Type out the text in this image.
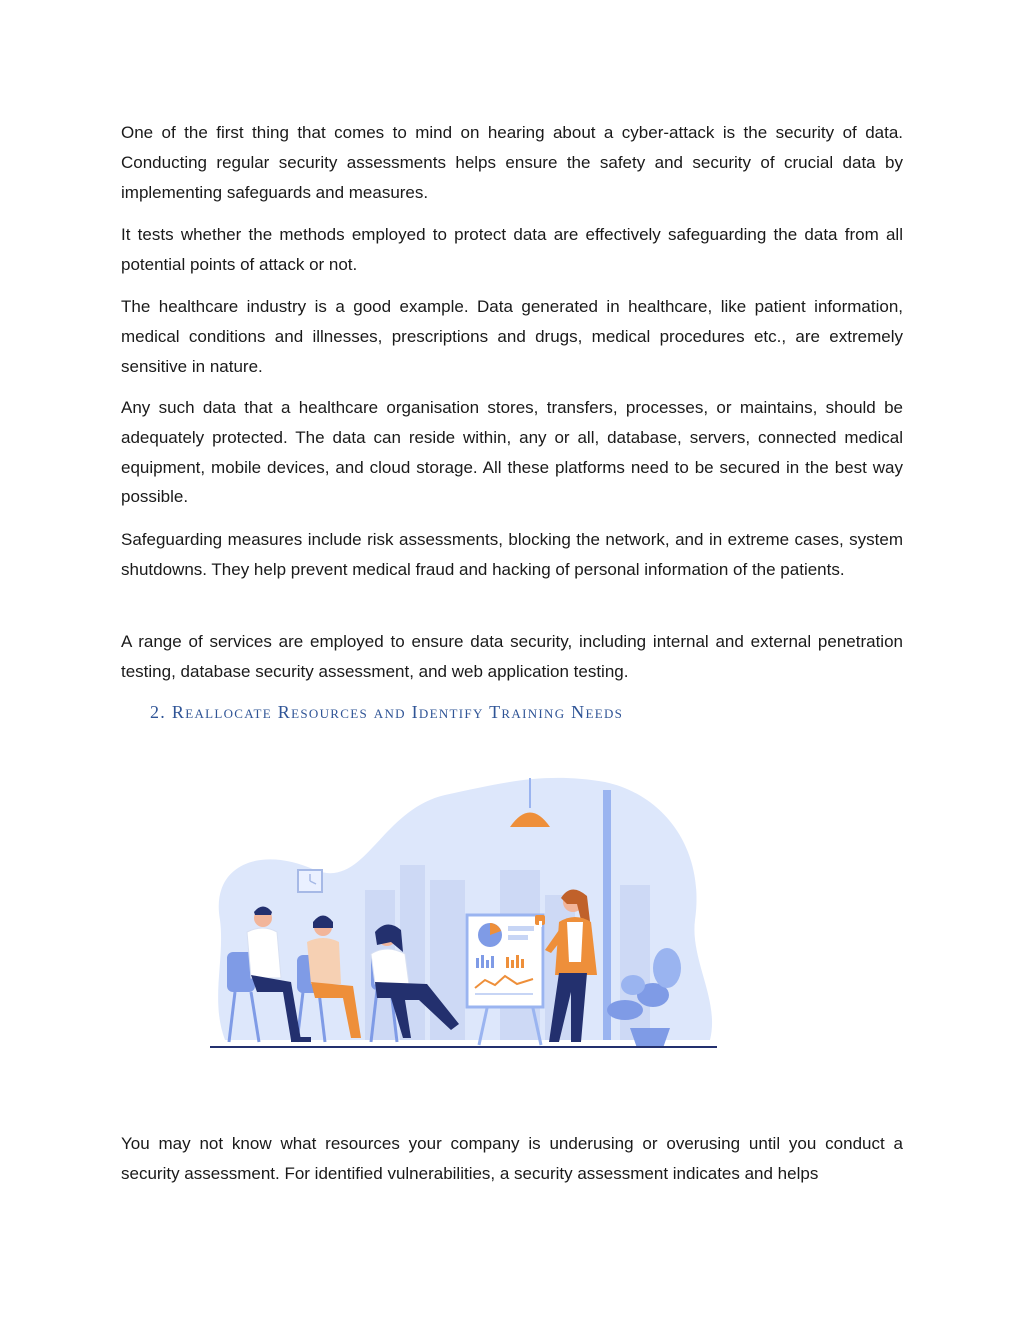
One of the first thing that comes to mind on hearing about a cyber-attack is the security of data. Conducting regular security assessments helps ensure the safety and security of crucial data by implementing safeguards and measures.

It tests whether the methods employed to protect data are effectively safeguarding the data from all potential points of attack or not.

The healthcare industry is a good example. Data generated in healthcare, like patient information, medical conditions and illnesses, prescriptions and drugs, medical procedures etc., are extremely sensitive in nature.

Any such data that a healthcare organisation stores, transfers, processes, or maintains, should be adequately protected. The data can reside within, any or all, database, servers, connected medical equipment, mobile devices, and cloud storage. All these platforms need to be secured in the best way possible.

Safeguarding measures include risk assessments, blocking the network, and in extreme cases, system shutdowns. They help prevent medical fraud and hacking of personal information of the patients.

A range of services are employed to ensure data security, including internal and external penetration testing, database security assessment, and web application testing.

2. Reallocate Resources and Identify Training Needs

You may not know what resources your company is underusing or overusing until you conduct a security assessment. For identified vulnerabilities, a security assessment indicates and helps
